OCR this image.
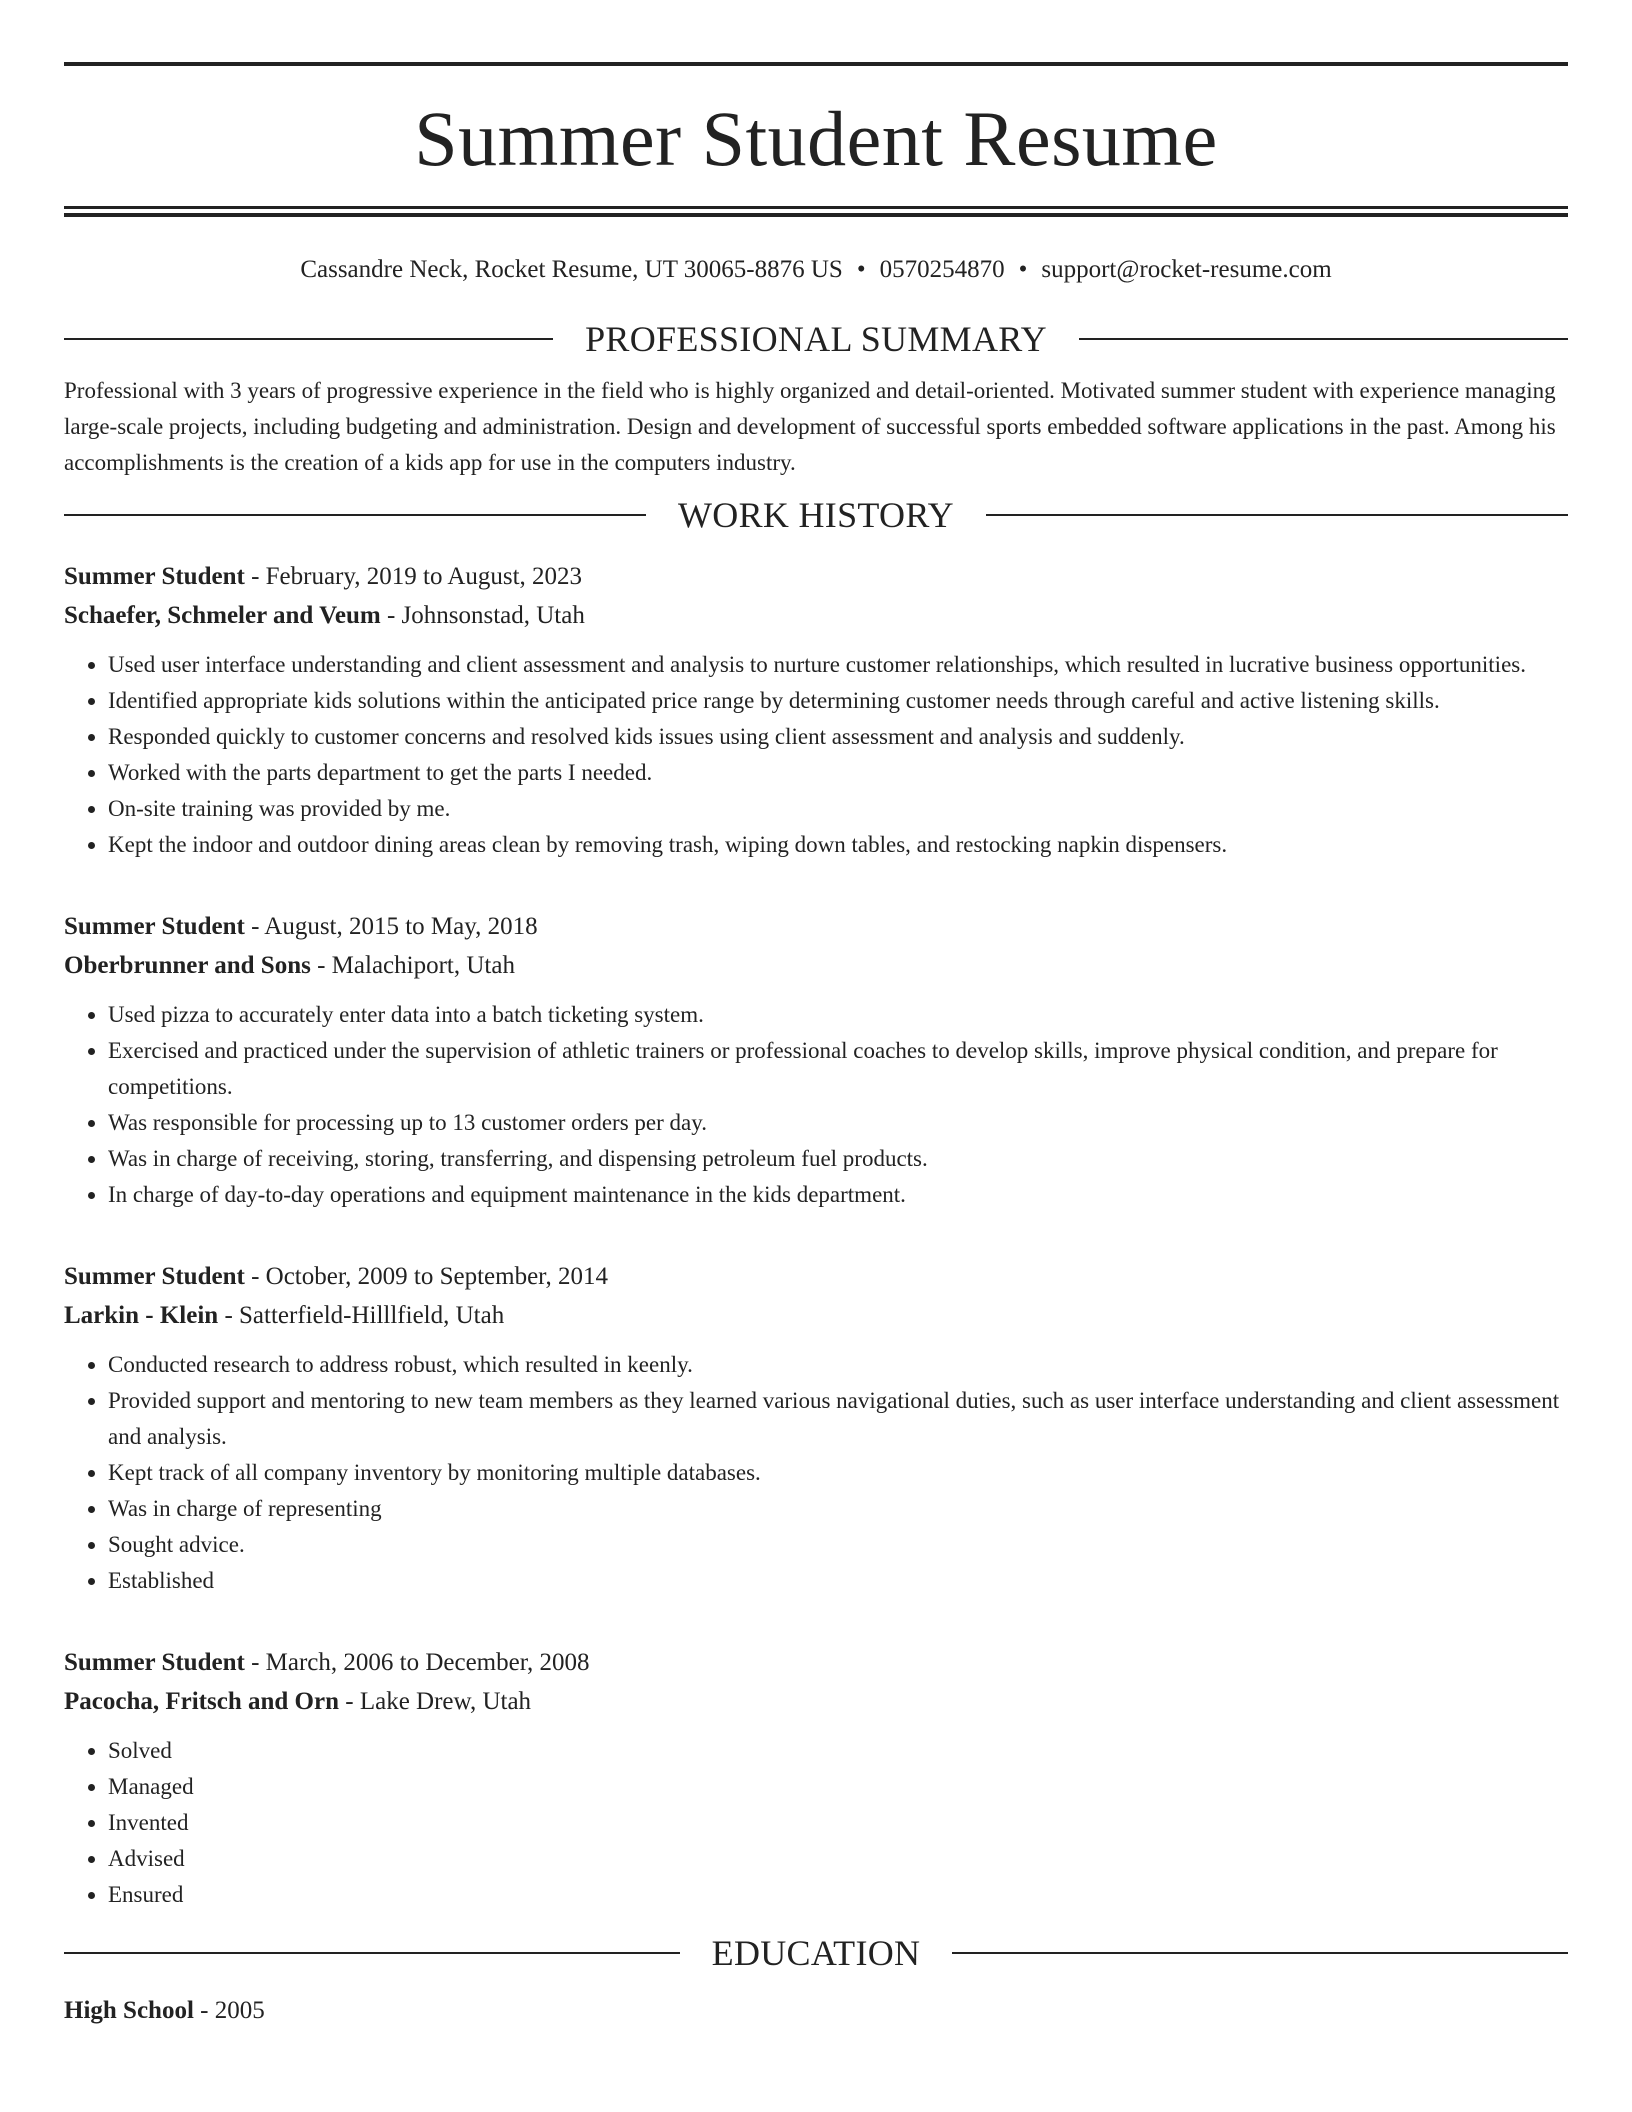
Summer Student Resume
Cassandre Neck, Rocket Resume, UT 30065-8876 US • 0570254870 • support@rocket-resume.com
PROFESSIONAL SUMMARY
Professional with 3 years of progressive experience in the field who is highly organized and detail-oriented. Motivated summer student with experience managing large-scale projects, including budgeting and administration. Design and development of successful sports embedded software applications in the past. Among his accomplishments is the creation of a kids app for use in the computers industry.
WORK HISTORY
Summer Student - February, 2019 to August, 2023
Schaefer, Schmeler and Veum - Johnsonstad, Utah
• Used user interface understanding and client assessment and analysis to nurture customer relationships, which resulted in lucrative business opportunities.
• Identified appropriate kids solutions within the anticipated price range by determining customer needs through careful and active listening skills.
• Responded quickly to customer concerns and resolved kids issues using client assessment and analysis and suddenly.
• Worked with the parts department to get the parts I needed.
• On-site training was provided by me.
• Kept the indoor and outdoor dining areas clean by removing trash, wiping down tables, and restocking napkin dispensers.
Summer Student - August, 2015 to May, 2018
Oberbrunner and Sons - Malachiport, Utah
• Used pizza to accurately enter data into a batch ticketing system.
• Exercised and practiced under the supervision of athletic trainers or professional coaches to develop skills, improve physical condition, and prepare for competitions.
• Was responsible for processing up to 13 customer orders per day.
• Was in charge of receiving, storing, transferring, and dispensing petroleum fuel products.
• In charge of day-to-day operations and equipment maintenance in the kids department.
Summer Student - October, 2009 to September, 2014
Larkin - Klein - Satterfield-Hilllfield, Utah
• Conducted research to address robust, which resulted in keenly.
• Provided support and mentoring to new team members as they learned various navigational duties, such as user interface understanding and client assessment and analysis.
• Kept track of all company inventory by monitoring multiple databases.
• Was in charge of representing
• Sought advice.
• Established
Summer Student - March, 2006 to December, 2008
Pacocha, Fritsch and Orn - Lake Drew, Utah
• Solved
• Managed
• Invented
• Advised
• Ensured
EDUCATION
High School - 2005
